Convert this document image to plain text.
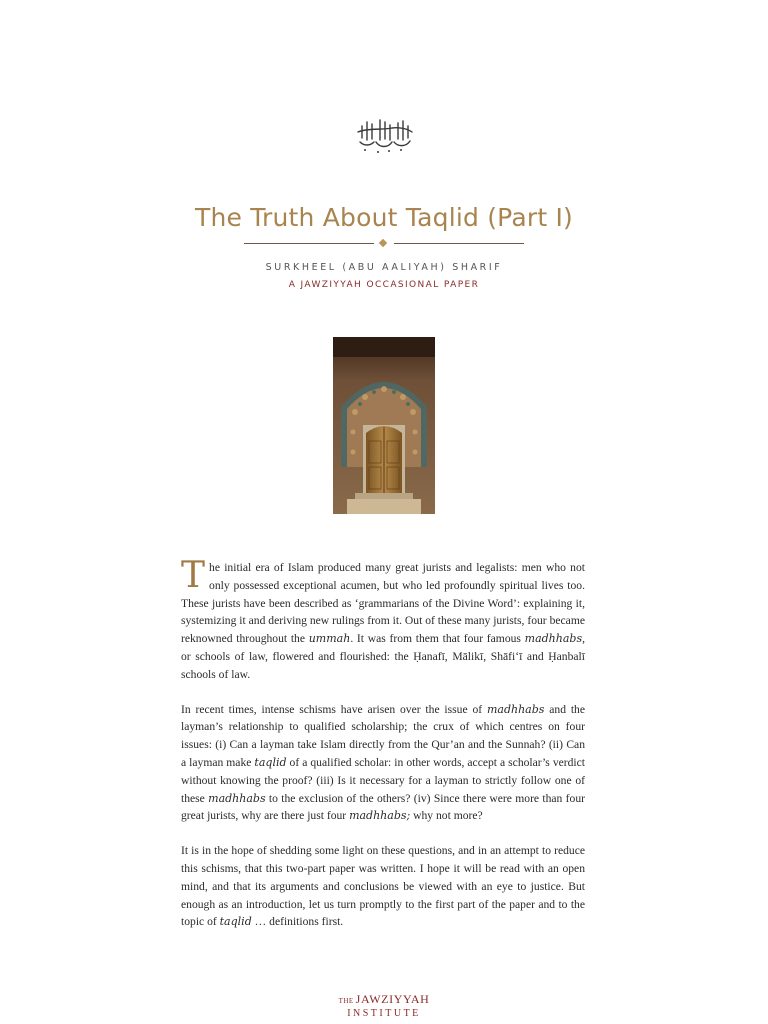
The Truth About Taqlid (Part I)
SURKHEEL (ABU AALIYAH) SHARIF
A JAWZIYYAH OCCASIONAL PAPER

The initial era of Islam produced many great jurists and legalists: men who not only possessed exceptional acumen, but who led profoundly spiritual lives too. These jurists have been described as ‘grammarians of the Divine Word’: explaining it, systemizing it and deriving new rulings from it. Out of these many jurists, four became reknowned throughout the ummah. It was from them that four famous madhhabs, or schools of law, flowered and flourished: the Ḥanafī, Mālikī, Shāfi‘ī and Ḥanbalī schools of law.

In recent times, intense schisms have arisen over the issue of madhhabs and the layman’s relationship to qualified scholarship; the crux of which centres on four issues: (i) Can a layman take Islam directly from the Qur’an and the Sunnah? (ii) Can a layman make taqlid of a qualified scholar: in other words, accept a scholar’s verdict without knowing the proof? (iii) Is it necessary for a layman to strictly follow one of these madhhabs to the exclusion of the others? (iv) Since there were more than four great jurists, why are there just four madhhabs; why not more?

It is in the hope of shedding some light on these questions, and in an attempt to reduce this schisms, that this two-part paper was written. I hope it will be read with an open mind, and that its arguments and conclusions be viewed with an eye to justice. But enough as an introduction, let us turn promptly to the first part of the paper and to the topic of taqlid … definitions first.

THE JAWZIYYAH
INSTITUTE
